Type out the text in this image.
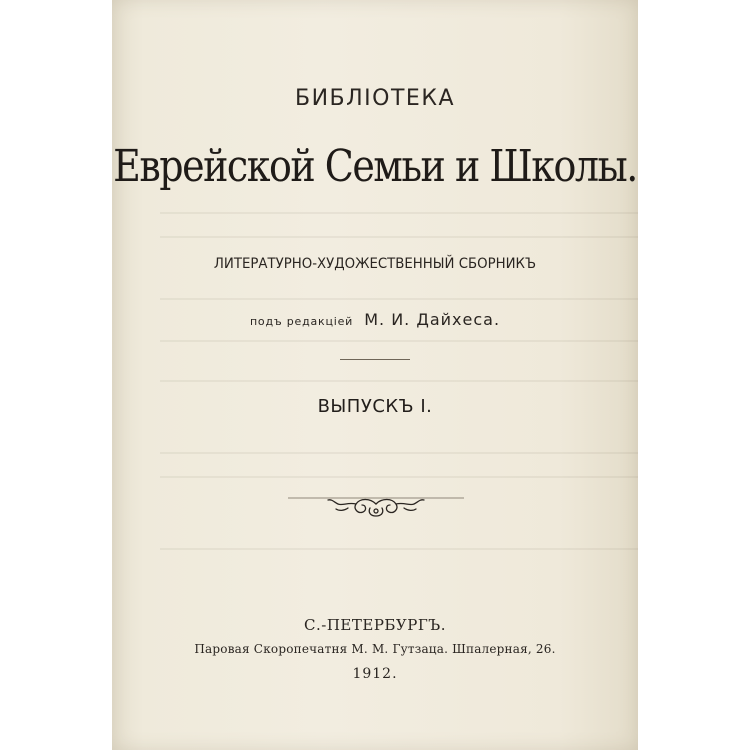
БИБЛIОТЕКА
Еврейской Семьи и Школы.
ЛИТЕРАТУРНО-ХУДОЖЕСТВЕННЫЙ СБОРНИКЪ
подъ редакцiей М. И. Дайхеса.
ВЫПУСКЪ I.
С.-ПЕТЕРБУРГЪ.
Паровая Скоропечатня М. М. Гутзаца. Шпалерная, 26.
1912.
